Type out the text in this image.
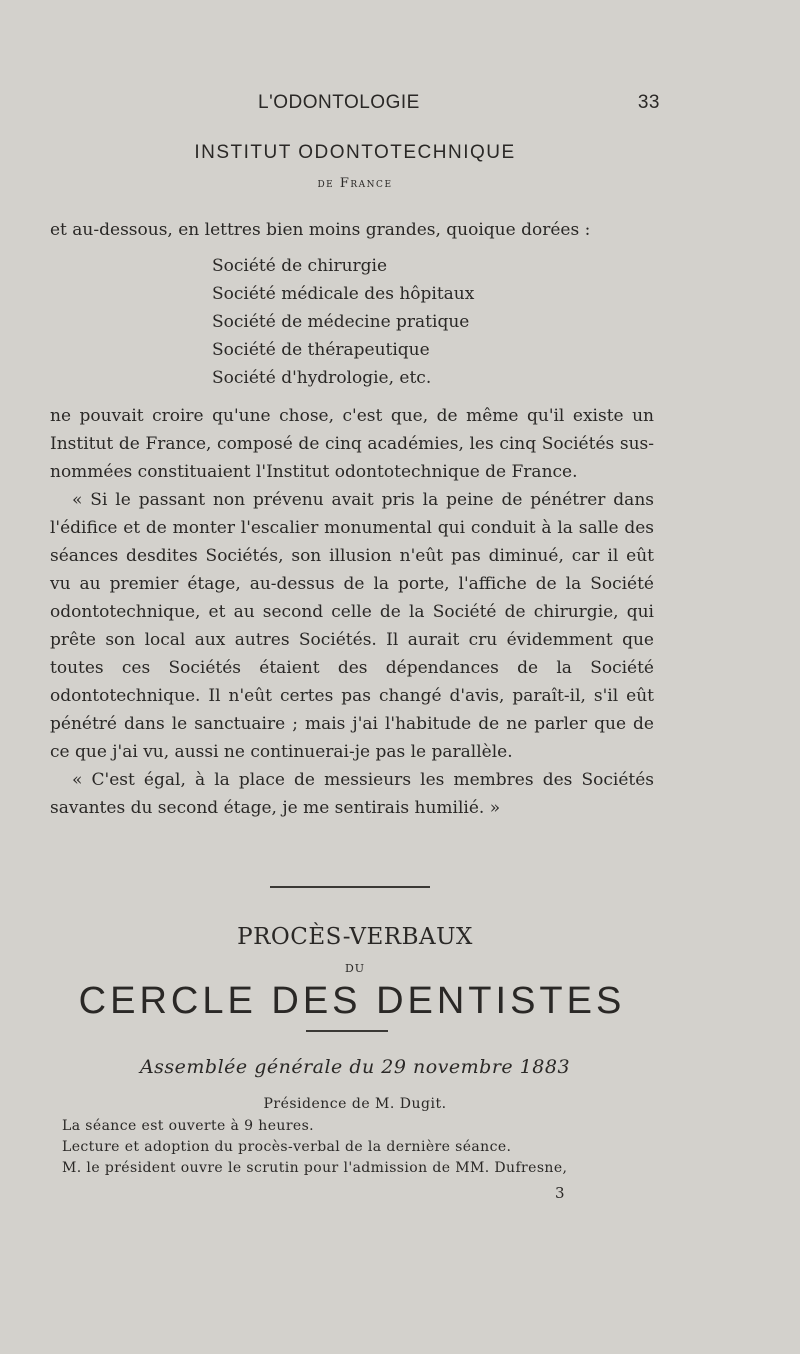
L'ODONTOLOGIE	33
INSTITUT ODONTOTECHNIQUE
de France
et au-dessous, en lettres bien moins grandes, quoique dorées :
Société de chirurgie
Société médicale des hôpitaux
Société de médecine pratique
Société de thérapeutique
Société d'hydrologie, etc.

ne pouvait croire qu'une chose, c'est que, de même qu'il existe un Institut de France, composé de cinq académies, les cinq Sociétés sus-nommées constituaient l'Institut odontotechnique de France.

« Si le passant non prévenu avait pris la peine de pénétrer dans l'édifice et de monter l'escalier monumental qui conduit à la salle des séances desdites Sociétés, son illusion n'eût pas diminué, car il eût vu au premier étage, au-dessus de la porte, l'affiche de la Société odontotechnique, et au second celle de la Société de chirurgie, qui prête son local aux autres Sociétés. Il aurait cru évidemment que toutes ces Sociétés étaient des dépendances de la Société odontotechnique. Il n'eût certes pas changé d'avis, paraît-il, s'il eût pénétré dans le sanctuaire ; mais j'ai l'habitude de ne parler que de ce que j'ai vu, aussi ne continuerai-je pas le parallèle.

« C'est égal, à la place de messieurs les membres des Sociétés savantes du second étage, je me sentirais humilié. »

PROCÈS-VERBAUX
DU
CERCLE DES DENTISTES
Assemblée générale du 29 novembre 1883
Présidence de M. Dugit.
La séance est ouverte à 9 heures.
Lecture et adoption du procès-verbal de la dernière séance.
M. le président ouvre le scrutin pour l'admission de MM. Dufresne,
3
